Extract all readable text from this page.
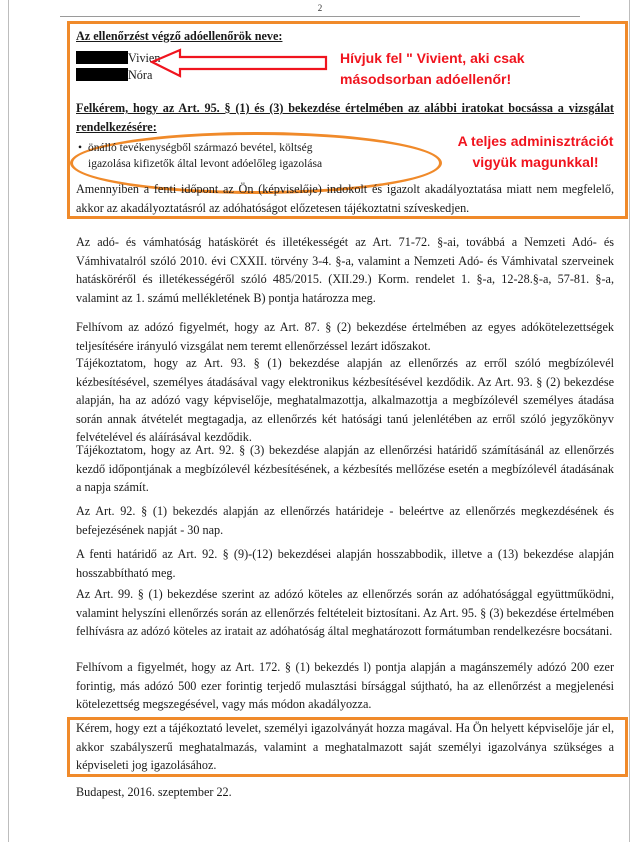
2

Az ellenőrzést végző adóellenőrök neve:

Vivien
Nóra
Hívjuk fel " Vivient, aki csak másodsorban adóellenőr!

Felkérem, hogy az Art. 95. § (1) és (3) bekezdése értelmében az alábbi iratokat bocsássa a vizsgálat rendelkezésére:

• önálló tevékenységből származó bevétel, költség igazolása kifizetők által levont adóelőleg igazolása
A teljes adminisztrációt vigyük magunkkal!

Amennyiben a fenti időpont az Ön (képviselője) indokolt és igazolt akadályoztatása miatt nem megfelelő, akkor az akadályoztatásról az adóhatóságot előzetesen tájékoztatni szíveskedjen.

Az adó- és vámhatóság hatáskörét és illetékességét az Art. 71-72. §-ai, továbbá a Nemzeti Adó- és Vámhivatalról szóló 2010. évi CXXII. törvény 3-4. §-a, valamint a Nemzeti Adó- és Vámhivatal szerveinek hatásköréről és illetékességéről szóló 485/2015. (XII.29.) Korm. rendelet 1. §-a, 12-28.§-a, 57-81. §-a, valamint az 1. számú mellékletének B) pontja határozza meg.

Felhívom az adózó figyelmét, hogy az Art. 87. § (2) bekezdése értelmében az egyes adókötelezettségek teljesítésére irányuló vizsgálat nem teremt ellenőrzéssel lezárt időszakot.

Tájékoztatom, hogy az Art. 93. § (1) bekezdése alapján az ellenőrzés az erről szóló megbízólevél kézbesítésével, személyes átadásával vagy elektronikus kézbesítésével kezdődik. Az Art. 93. § (2) bekezdése alapján, ha az adózó vagy képviselője, meghatalmazottja, alkalmazottja a megbízólevél személyes átadása során annak átvételét megtagadja, az ellenőrzés két hatósági tanú jelenlétében az erről szóló jegyzőkönyv felvételével és aláírásával kezdődik.

Tájékoztatom, hogy az Art. 92. § (3) bekezdése alapján az ellenőrzési határidő számításánál az ellenőrzés kezdő időpontjának a megbízólevél kézbesítésének, a kézbesítés mellőzése esetén a megbízólevél átadásának a napja számít.

Az Art. 92. § (1) bekezdés alapján az ellenőrzés határideje - beleértve az ellenőrzés megkezdésének és befejezésének napját - 30 nap.

A fenti határidő az Art. 92. § (9)-(12) bekezdései alapján hosszabbodik, illetve a (13) bekezdése alapján hosszabbítható meg.

Az Art. 99. § (1) bekezdése szerint az adózó köteles az ellenőrzés során az adóhatósággal együttműködni, valamint helyszíni ellenőrzés során az ellenőrzés feltételeit biztosítani. Az Art. 95. § (3) bekezdése értelmében felhívásra az adózó köteles az iratait az adóhatóság által meghatározott formátumban rendelkezésre bocsátani.

Felhívom a figyelmét, hogy az Art. 172. § (1) bekezdés l) pontja alapján a magánszemély adózó 200 ezer forintig, más adózó 500 ezer forintig terjedő mulasztási bírsággal sújtható, ha az ellenőrzést a megjelenési kötelezettség megszegésével, vagy más módon akadályozza.

Kérem, hogy ezt a tájékoztató levelet, személyi igazolványát hozza magával. Ha Ön helyett képviselője jár el, akkor szabályszerű meghatalmazás, valamint a meghatalmazott saját személyi igazolványa szükséges a képviseleti jog igazolásához.

Budapest, 2016. szeptember 22.
